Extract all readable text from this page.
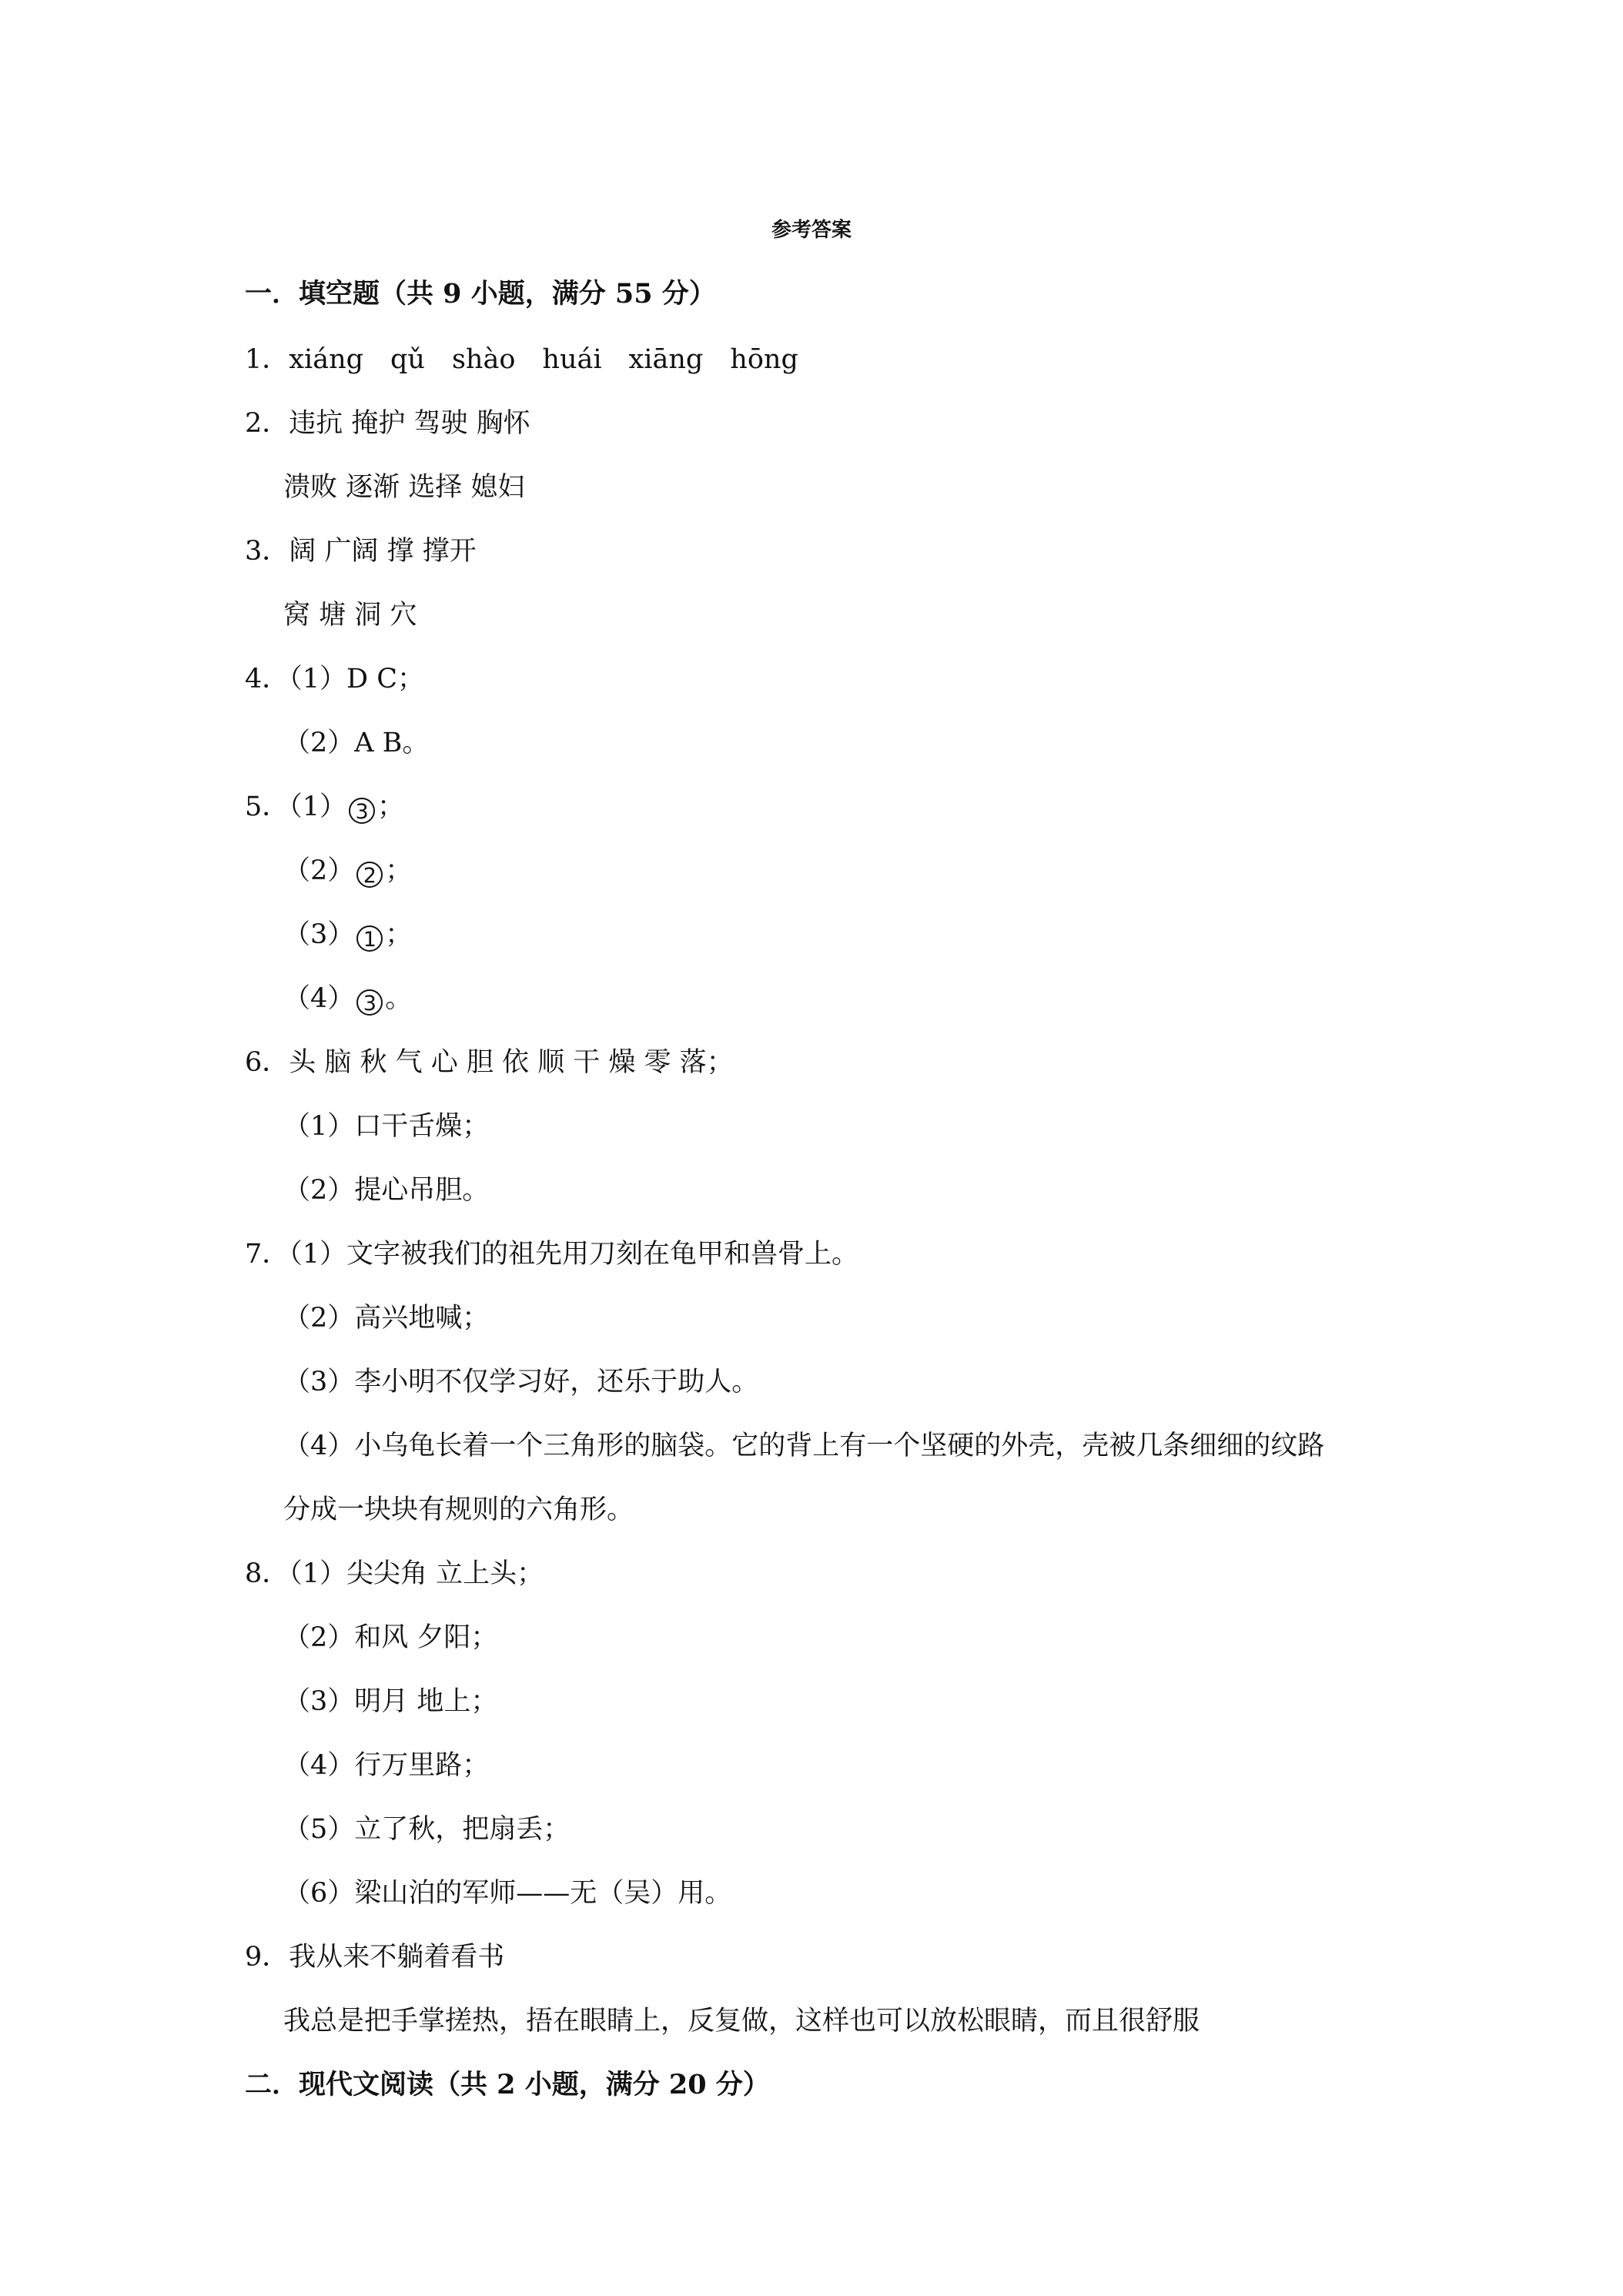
参考答案
一．填空题（共 9 小题，满分 55 分）
1．xiáng　qǔ　shào　huái　xiāng　hōng
2．违抗 掩护 驾驶 胸怀
溃败 逐渐 选择 媳妇
3．阔 广阔 撑 撑开
窝 塘 洞 穴
4．（1）D C；
（2）A B。
5．（1） 3 ；
（2） 2 ；
（3） 1 ；
（4） 3 。
6．头 脑 秋 气 心 胆 依 顺 干 燥 零 落；
（1）口干舌燥；
（2）提心吊胆。
7．（1）文字被我们的祖先用刀刻在龟甲和兽骨上。
（2）高兴地喊；
（3）李小明不仅学习好，还乐于助人。
（4）小乌龟长着一个三角形的脑袋。它的背上有一个坚硬的外壳，壳被几条细细的纹路
分成一块块有规则的六角形。
8．（1）尖尖角 立上头；
（2）和风 夕阳；
（3）明月 地上；
（4）行万里路；
（5）立了秋，把扇丢；
（6）梁山泊的军师——无（吴）用。
9．我从来不躺着看书
我总是把手掌搓热，捂在眼睛上，反复做，这样也可以放松眼睛，而且很舒服
二．现代文阅读（共 2 小题，满分 20 分）
